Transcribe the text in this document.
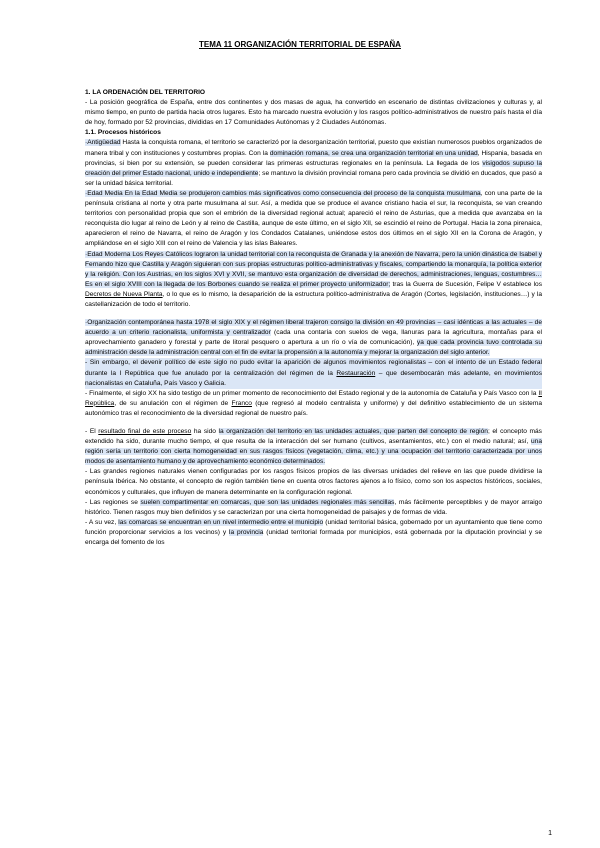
TEMA 11 ORGANIZACIÓN TERRITORIAL DE ESPAÑA

1. LA ORDENACIÓN DEL TERRITORIO

- La posición geográfica de España, entre dos continentes y dos masas de agua, ha convertido en escenario de distintas civilizaciones y culturas y, al mismo tiempo, en punto de partida hacia otros lugares. Esto ha marcado nuestra evolución y los rasgos político-administrativos de nuestro país hasta el día de hoy, formado por 52 provincias, divididas en 17 Comunidades Autónomas y 2 Ciudades Autónomas.

1.1. Procesos históricos

·Antigüedad Hasta la conquista romana, el territorio se caracterizó por la desorganización territorial, puesto que existían numerosos pueblos organizados de manera tribal y con instituciones y costumbres propias. Con la dominación romana, se crea una organización territorial en una unidad, Hispania, basada en provincias, si bien por su extensión, se pueden considerar las primeras estructuras regionales en la península. La llegada de los visigodos supuso la creación del primer Estado nacional, unido e independiente; se mantuvo la división provincial romana pero cada provincia se dividió en ducados, que pasó a ser la unidad básica territorial.

·Edad Media En la Edad Media se produjeron cambios más significativos como consecuencia del proceso de la conquista musulmana, con una parte de la península cristiana al norte y otra parte musulmana al sur. Así, a medida que se produce el avance cristiano hacia el sur, la reconquista, se van creando territorios con personalidad propia que son el embrión de la diversidad regional actual; apareció el reino de Asturias, que a medida que avanzaba en la reconquista dio lugar al reino de León y al reino de Castilla, aunque de este último, en el siglo XII, se escindió el reino de Portugal. Hacia la zona pirenaica, aparecieron el reino de Navarra, el reino de Aragón y los Condados Catalanes, uniéndose estos dos últimos en el siglo XII en la Corona de Aragón, y ampliándose en el siglo XIII con el reino de Valencia y las islas Baleares.

·Edad Moderna Los Reyes Católicos lograron la unidad territorial con la reconquista de Granada y la anexión de Navarra, pero la unión dinástica de Isabel y Fernando hizo que Castilla y Aragón siguieran con sus propias estructuras político-administrativas y fiscales, compartiendo la monarquía, la política exterior y la religión. Con los Austrias, en los siglos XVI y XVII, se mantuvo esta organización de diversidad de derechos, administraciones, lenguas, costumbres… Es en el siglo XVIII con la llegada de los Borbones cuando se realiza el primer proyecto uniformizador; tras la Guerra de Sucesión, Felipe V establece los Decretos de Nueva Planta, o lo que es lo mismo, la desaparición de la estructura político-administrativa de Aragón (Cortes, legislación, instituciones…) y la castellanización de todo el territorio.

·Organización contemporánea hasta 1978 el siglo XIX y el régimen liberal trajeron consigo la división en 49 provincias – casi idénticas a las actuales – de acuerdo a un criterio racionalista, uniformista y centralizador (cada una contaría con suelos de vega, llanuras para la agricultura, montañas para el aprovechamiento ganadero y forestal y parte de litoral pesquero o apertura a un río o vía de comunicación), ya que cada provincia tuvo controlada su administración desde la administración central con el fin de evitar la propensión a la autonomía y mejorar la organización del siglo anterior.

- Sin embargo, el devenir político de este siglo no pudo evitar la aparición de algunos movimientos regionalistas – con el intento de un Estado federal durante la I República que fue anulado por la centralización del régimen de la Restauración – que desembocarán más adelante, en movimientos nacionalistas en Cataluña, País Vasco y Galicia.

- Finalmente, el siglo XX ha sido testigo de un primer momento de reconocimiento del Estado regional y de la autonomía de Cataluña y País Vasco con la II República, de su anulación con el régimen de Franco (que regresó al modelo centralista y uniforme) y del definitivo establecimiento de un sistema autonómico tras el reconocimiento de la diversidad regional de nuestro país.

- El resultado final de este proceso ha sido la organización del territorio en las unidades actuales, que parten del concepto de región; el concepto más extendido ha sido, durante mucho tiempo, el que resulta de la interacción del ser humano (cultivos, asentamientos, etc.) con el medio natural; así, una región sería un territorio con cierta homogeneidad en sus rasgos físicos (vegetación, clima, etc.) y una ocupación del territorio caracterizada por unos modos de asentamiento humano y de aprovechamiento económico determinados.

- Las grandes regiones naturales vienen configuradas por los rasgos físicos propios de las diversas unidades del relieve en las que puede dividirse la península Ibérica. No obstante, el concepto de región también tiene en cuenta otros factores ajenos a lo físico, como son los aspectos históricos, sociales, económicos y culturales, que influyen de manera determinante en la configuración regional.

- Las regiones se suelen compartimentar en comarcas, que son las unidades regionales más sencillas, más fácilmente perceptibles y de mayor arraigo histórico. Tienen rasgos muy bien definidos y se caracterizan por una cierta homogeneidad de paisajes y de formas de vida.

- A su vez, las comarcas se encuentran en un nivel intermedio entre el municipio (unidad territorial básica, gobernado por un ayuntamiento que tiene como función proporcionar servicios a los vecinos) y la provincia (unidad territorial formada por municipios, está gobernada por la diputación provincial y se encarga del fomento de los

1
